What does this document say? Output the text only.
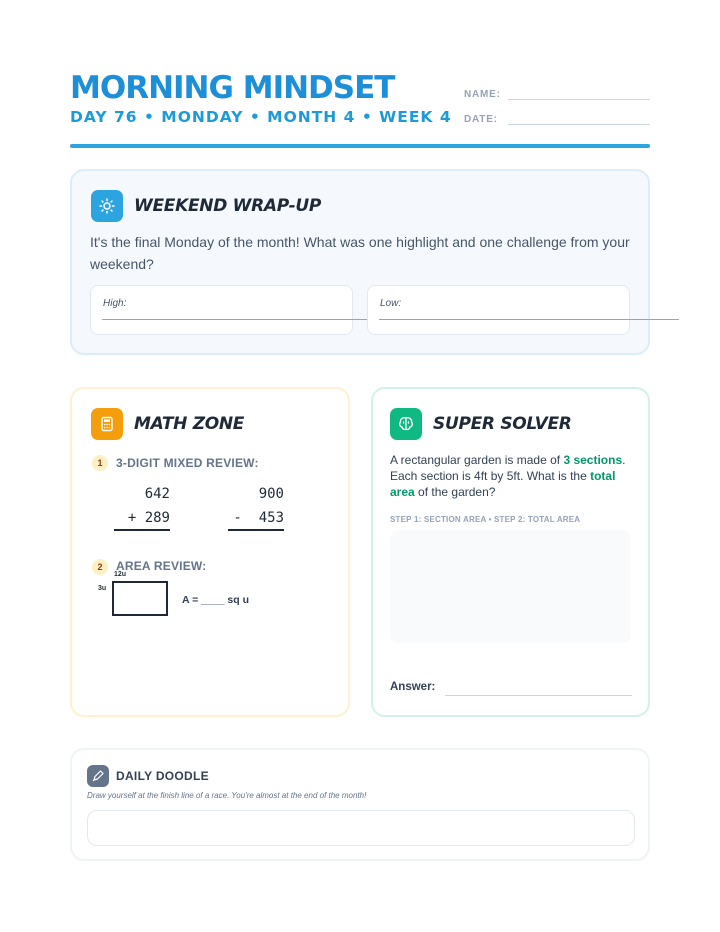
MORNING MINDSET
DAY 76 • MONDAY • MONTH 4 • WEEK 4
NAME:
DATE:
WEEKEND WRAP-UP
It's the final Monday of the month! What was one highlight and one challenge from your weekend?
High:	Low:
MATH ZONE
1	3-DIGIT MIXED REVIEW:
642
+ 289
900
-  453
2	AREA REVIEW:
12u
3u
A = ____ sq u
SUPER SOLVER
A rectangular garden is made of 3 sections. Each section is 4ft by 5ft. What is the total area of the garden?
STEP 1: SECTION AREA • STEP 2: TOTAL AREA
Answer:
DAILY DOODLE
Draw yourself at the finish line of a race. You're almost at the end of the month!
